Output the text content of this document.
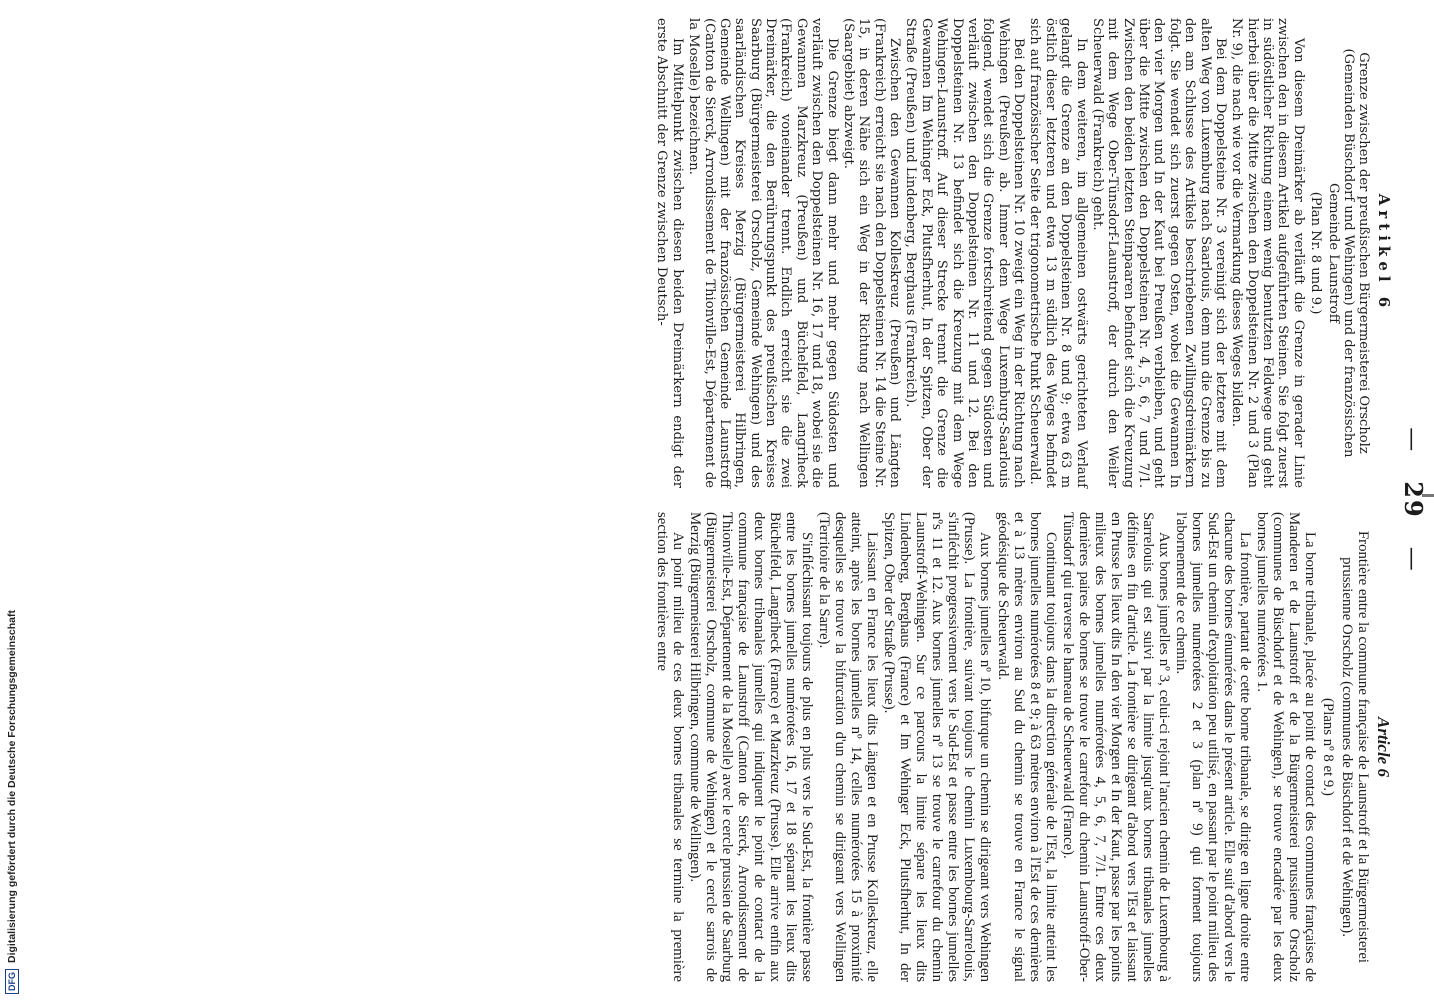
—29—
Artikel 6

Grenze zwischen der preußischen Bürgermeisterei Orscholz (Gemeinden Büschdorf und Wehingen) und der französischen Gemeinde Launstroff

(Plan Nr. 8 und 9.)

Von diesem Dreimärker ab verläuft die Grenze in gerader Linie zwischen den in diesem Artikel aufgeführten Steinen. Sie folgt zuerst in südöstlicher Richtung einem wenig benutzten Feldwege und geht hierbei über die Mitte zwischen den Doppelsteinen Nr. 2 und 3 (Plan Nr. 9), die nach wie vor die Vermarkung dieses Weges bilden.

Bei dem Doppelsteine Nr. 3 vereinigt sich der letztere mit dem alten Weg von Luxemburg nach Saarlouis, dem nun die Grenze bis zu den am Schlusse des Artikels beschriebenen Zwillingsdreimärkern folgt. Sie wendet sich zuerst gegen Osten, wobei die Gewannen In den vier Morgen und In der Kaut bei Preußen verbleiben, und geht über die Mitte zwischen den Doppelsteinen Nr. 4, 5, 6, 7 und 7/1. Zwischen den beiden letzten Steinpaaren befindet sich die Kreuzung mit dem Wege Ober-Tünsdorf-Launstroff, der durch den Weiler Scheuerwald (Frankreich) geht.

In dem weiteren, im allgemeinen ostwärts gerichteten Verlauf gelangt die Grenze an den Doppelsteinen Nr. 8 und 9; etwa 63 m östlich dieser letzteren und etwa 13 m südlich des Weges befindet sich auf französischer Seite der trigonometrische Punkt Scheuerwald.

Bei den Doppelsteinen Nr. 10 zweigt ein Weg in der Richtung nach Wehingen (Preußen) ab. Immer dem Wege Luxemburg-Saarlouis folgend, wendet sich die Grenze fortschreitend gegen Südosten und verläuft zwischen den Doppelsteinen Nr. 11 und 12. Bei den Doppelsteinen Nr. 13 befindet sich die Kreuzung mit dem Wege Wehingen-Launstroff. Auf dieser Strecke trennt die Grenze die Gewannen Im Wehinger Eck, Plutsfherhut, In der Spitzen, Ober der Straße (Preußen) und Lindenberg, Berghaus (Frankreich).

Zwischen den Gewannen Kolleskreuz (Preußen) und Längten (Frankreich) erreicht sie nach den Doppelsteinen Nr. 14 die Steine Nr. 15, in deren Nähe sich ein Weg in der Richtung nach Wellingen (Saargebiet) abzweigt.

Die Grenze biegt dann mehr und mehr gegen Südosten und verläuft zwischen den Doppelsteinen Nr. 16, 17 und 18, wobei sie die Gewannen Marzkreuz (Preußen) und Büchelfeld, Langriheck (Frankreich) voneinander trennt. Endlich erreicht sie die zwei Dreimärker, die den Berührungspunkt des preußischen Kreises Saarburg (Bürgermeisterei Orscholz, Gemeinde Wehingen) und des saarländischen Kreises Merzig (Bürgermeisterei Hilbringen, Gemeinde Wellingen) mit der französischen Gemeinde Launstroff (Canton de Sierck, Arrondissement de Thionville-Est, Département de la Moselle) bezeichnen.

Im Mittelpunkt zwischen diesen beiden Dreimärkern endigt der erste Abschnitt der Grenze zwischen Deutsch-

Article 6

Frontière entre la commune française de Launstroff et la Bürgermeisterei prussienne Orscholz (communes de Büschdorf et de Wehingen).

(Plans nº 8 et 9.)

La borne tribanale, placée au point de contact des communes françaises de Manderen et de Launstroff et de la Bürgermeisterei prussienne Orscholz (communes de Büschdorf et de Wehingen), se trouve encadrée par les deux bornes jumelles numérotées 1.

La frontière, partant de cette borne tribanale, se dirige en ligne droite entre chacune des bornes énumérées dans le présent article. Elle suit d'abord vers le Sud-Est un chemin d'exploitation peu utilisé, en passant par le point milieu des bornes jumelles numérotées 2 et 3 (plan nº 9) qui forment toujours l'abornement de ce chemin.

Aux bornes jumelles nº 3, celui-ci rejoint l'ancien chemin de Luxembourg à Sarrelouis qui est suivi par la limite jusqu'aux bornes tribanales jumelles définies en fin d'article. La frontière se dirigeant d'abord vers l'Est et laissant en Prusse les lieux dits In den vier Morgen et In der Kaut, passe par les points milieux des bornes jumelles numérotées 4, 5, 6, 7, 7/1. Entre ces deux dernières paires de bornes se trouve le carrefour du chemin Launstroff-Ober-Tünsdorf qui traverse le hameau de Scheuerwald (France).

Continuant toujours dans la direction générale de l'Est, la limite atteint les bornes jumelles numérotées 8 et 9; à 63 mètres environ à l'Est de ces dernières et à 13 mètres environ au Sud du chemin se trouve en France le signal géodésique de Scheuerwald.

Aux bornes jumelles nº 10, bifurque un chemin se dirigeant vers Wehingen (Prusse). La frontière, suivant toujours le chemin Luxembourg-Sarrelouis, s'infléchit progressivement vers le Sud-Est et passe entre les bornes jumelles nºs 11 et 12. Aux bornes jumelles nº 13 se trouve le carrefour du chemin Launstroff-Wehingen. Sur ce parcours la limite sépare les lieux dits Lindenberg, Berghaus (France) et Im Wehinger Eck, Plutsfherhut, In der Spitzen, Ober der Straße (Prusse).

Laissant en France les lieux dits Längten et en Prusse Kolleskreuz, elle atteint, après les bornes jumelles nº 14, celles numérotées 15 à proximité desquelles se trouve la bifurcation d'un chemin se dirigeant vers Wellingen (Territoire de la Sarre).

S'infléchissant toujours de plus en plus vers le Sud-Est, la frontière passe entre les bornes jumelles numérotées 16, 17 et 18 séparant les lieux dits Büchelfeld, Langriheck (France) et Marzkreuz (Prusse). Elle arrive enfin aux deux bornes tribanales jumelles qui indiquent le point de contact de la commune française de Launstroff (Canton de Sierck, Arrondissement de Thionville-Est, Département de la Moselle) avec le cercle prussien de Saarburg (Bürgermeisterei Orscholz, commune de Wehingen) et le cercle sarrois de Merzig (Bürgermeisterei Hilbringen, commune de Wellingen).

Au point milieu de ces deux bornes tribanales se termine la première section des frontières entre

DFG
Digitalisierung gefördert durch die Deutsche Forschungsgemeinschaft
